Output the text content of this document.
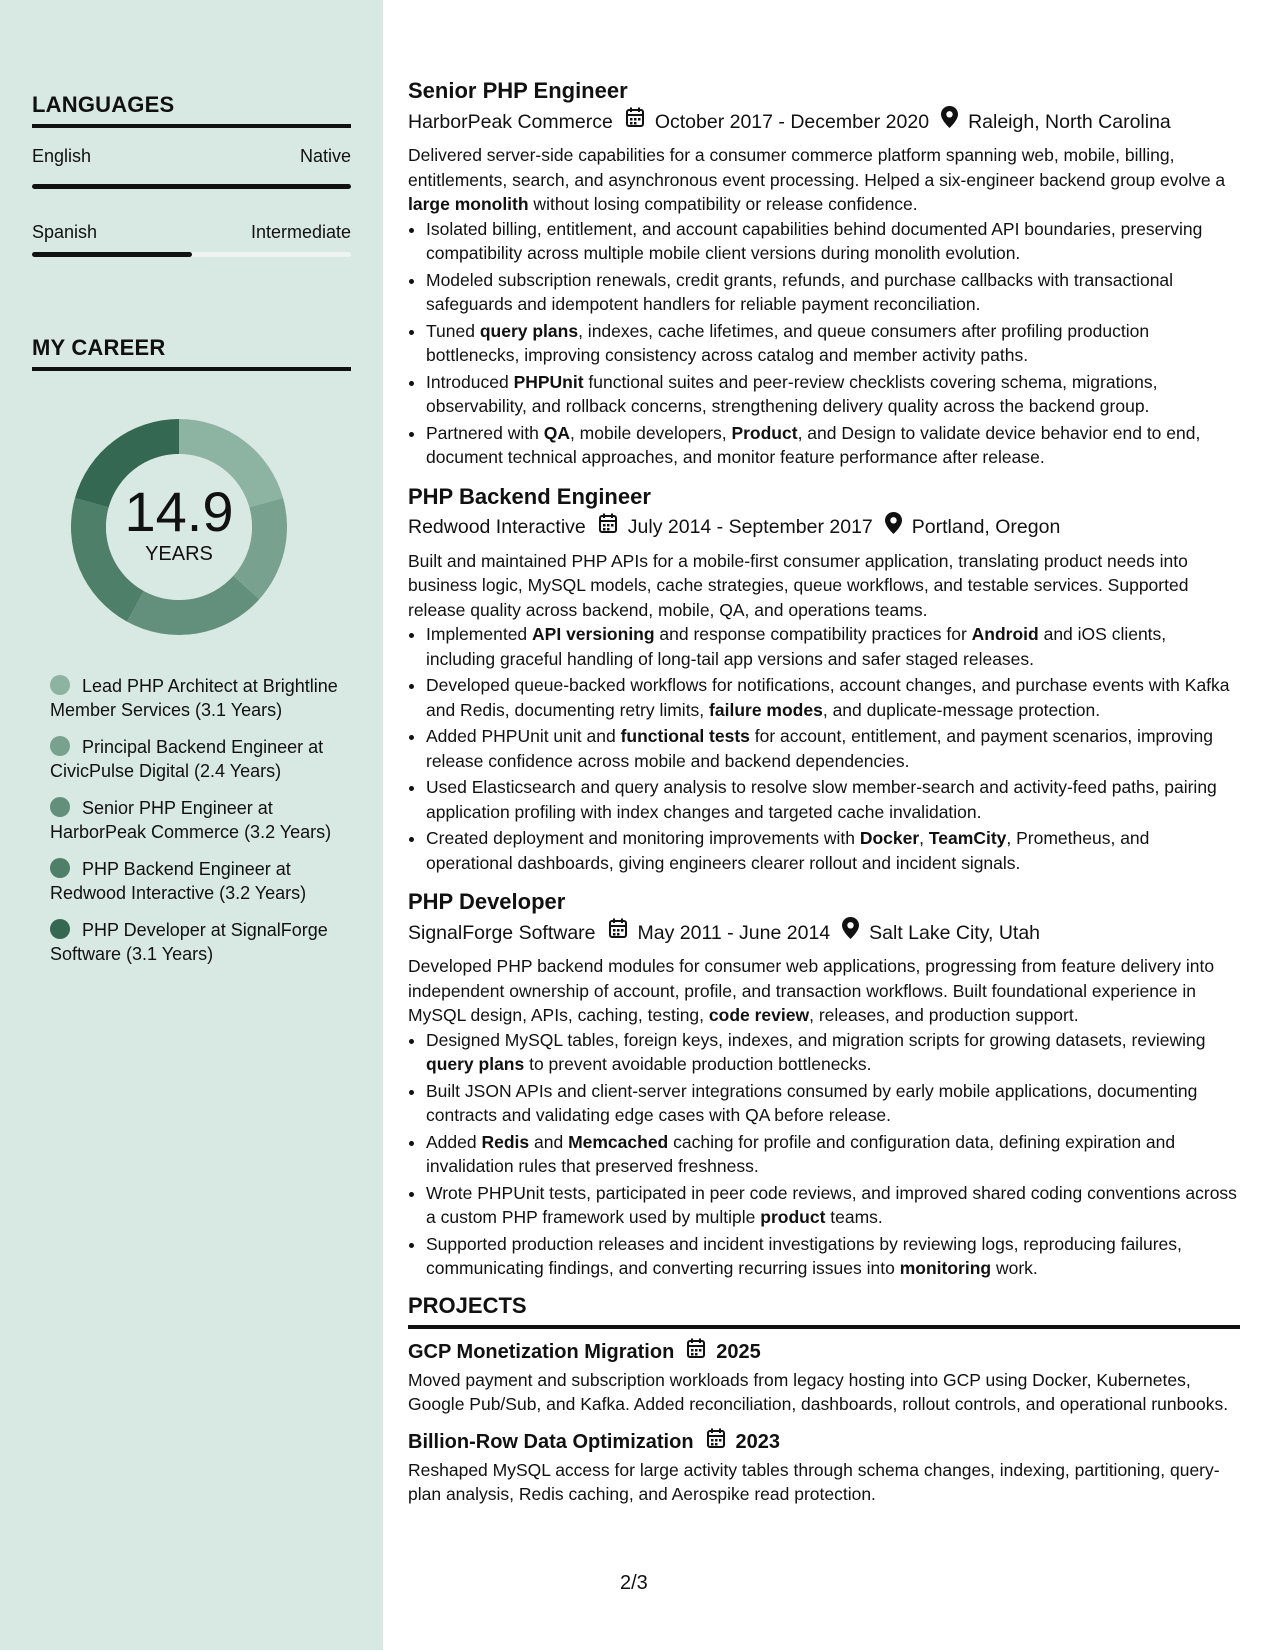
LANGUAGES
English	Native
Spanish	Intermediate
MY CAREER
14.9
YEARS
Lead PHP Architect at Brightline Member Services (3.1 Years)
Principal Backend Engineer at CivicPulse Digital (2.4 Years)
Senior PHP Engineer at HarborPeak Commerce (3.2 Years)
PHP Backend Engineer at Redwood Interactive (3.2 Years)
PHP Developer at SignalForge Software (3.1 Years)
Senior PHP Engineer
HarborPeak Commerce October 2017 - December 2020 Raleigh, North Carolina
Delivered server-side capabilities for a consumer commerce platform spanning web, mobile, billing, entitlements, search, and asynchronous event processing. Helped a six-engineer backend group evolve a large monolith without losing compatibility or release confidence.
• Isolated billing, entitlement, and account capabilities behind documented API boundaries, preserving compatibility across multiple mobile client versions during monolith evolution.
• Modeled subscription renewals, credit grants, refunds, and purchase callbacks with transactional safeguards and idempotent handlers for reliable payment reconciliation.
• Tuned query plans, indexes, cache lifetimes, and queue consumers after profiling production bottlenecks, improving consistency across catalog and member activity paths.
• Introduced PHPUnit functional suites and peer-review checklists covering schema, migrations, observability, and rollback concerns, strengthening delivery quality across the backend group.
• Partnered with QA, mobile developers, Product, and Design to validate device behavior end to end, document technical approaches, and monitor feature performance after release.
PHP Backend Engineer
Redwood Interactive July 2014 - September 2017 Portland, Oregon
Built and maintained PHP APIs for a mobile-first consumer application, translating product needs into business logic, MySQL models, cache strategies, queue workflows, and testable services. Supported release quality across backend, mobile, QA, and operations teams.
• Implemented API versioning and response compatibility practices for Android and iOS clients, including graceful handling of long-tail app versions and safer staged releases.
• Developed queue-backed workflows for notifications, account changes, and purchase events with Kafka and Redis, documenting retry limits, failure modes, and duplicate-message protection.
• Added PHPUnit unit and functional tests for account, entitlement, and payment scenarios, improving release confidence across mobile and backend dependencies.
• Used Elasticsearch and query analysis to resolve slow member-search and activity-feed paths, pairing application profiling with index changes and targeted cache invalidation.
• Created deployment and monitoring improvements with Docker, TeamCity, Prometheus, and operational dashboards, giving engineers clearer rollout and incident signals.
PHP Developer
SignalForge Software May 2011 - June 2014 Salt Lake City, Utah
Developed PHP backend modules for consumer web applications, progressing from feature delivery into independent ownership of account, profile, and transaction workflows. Built foundational experience in MySQL design, APIs, caching, testing, code review, releases, and production support.
• Designed MySQL tables, foreign keys, indexes, and migration scripts for growing datasets, reviewing query plans to prevent avoidable production bottlenecks.
• Built JSON APIs and client-server integrations consumed by early mobile applications, documenting contracts and validating edge cases with QA before release.
• Added Redis and Memcached caching for profile and configuration data, defining expiration and invalidation rules that preserved freshness.
• Wrote PHPUnit tests, participated in peer code reviews, and improved shared coding conventions across a custom PHP framework used by multiple product teams.
• Supported production releases and incident investigations by reviewing logs, reproducing failures, communicating findings, and converting recurring issues into monitoring work.
PROJECTS
GCP Monetization Migration 2025
Moved payment and subscription workloads from legacy hosting into GCP using Docker, Kubernetes, Google Pub/Sub, and Kafka. Added reconciliation, dashboards, rollout controls, and operational runbooks.
Billion-Row Data Optimization 2023
Reshaped MySQL access for large activity tables through schema changes, indexing, partitioning, query-plan analysis, Redis caching, and Aerospike read protection.
2/3
